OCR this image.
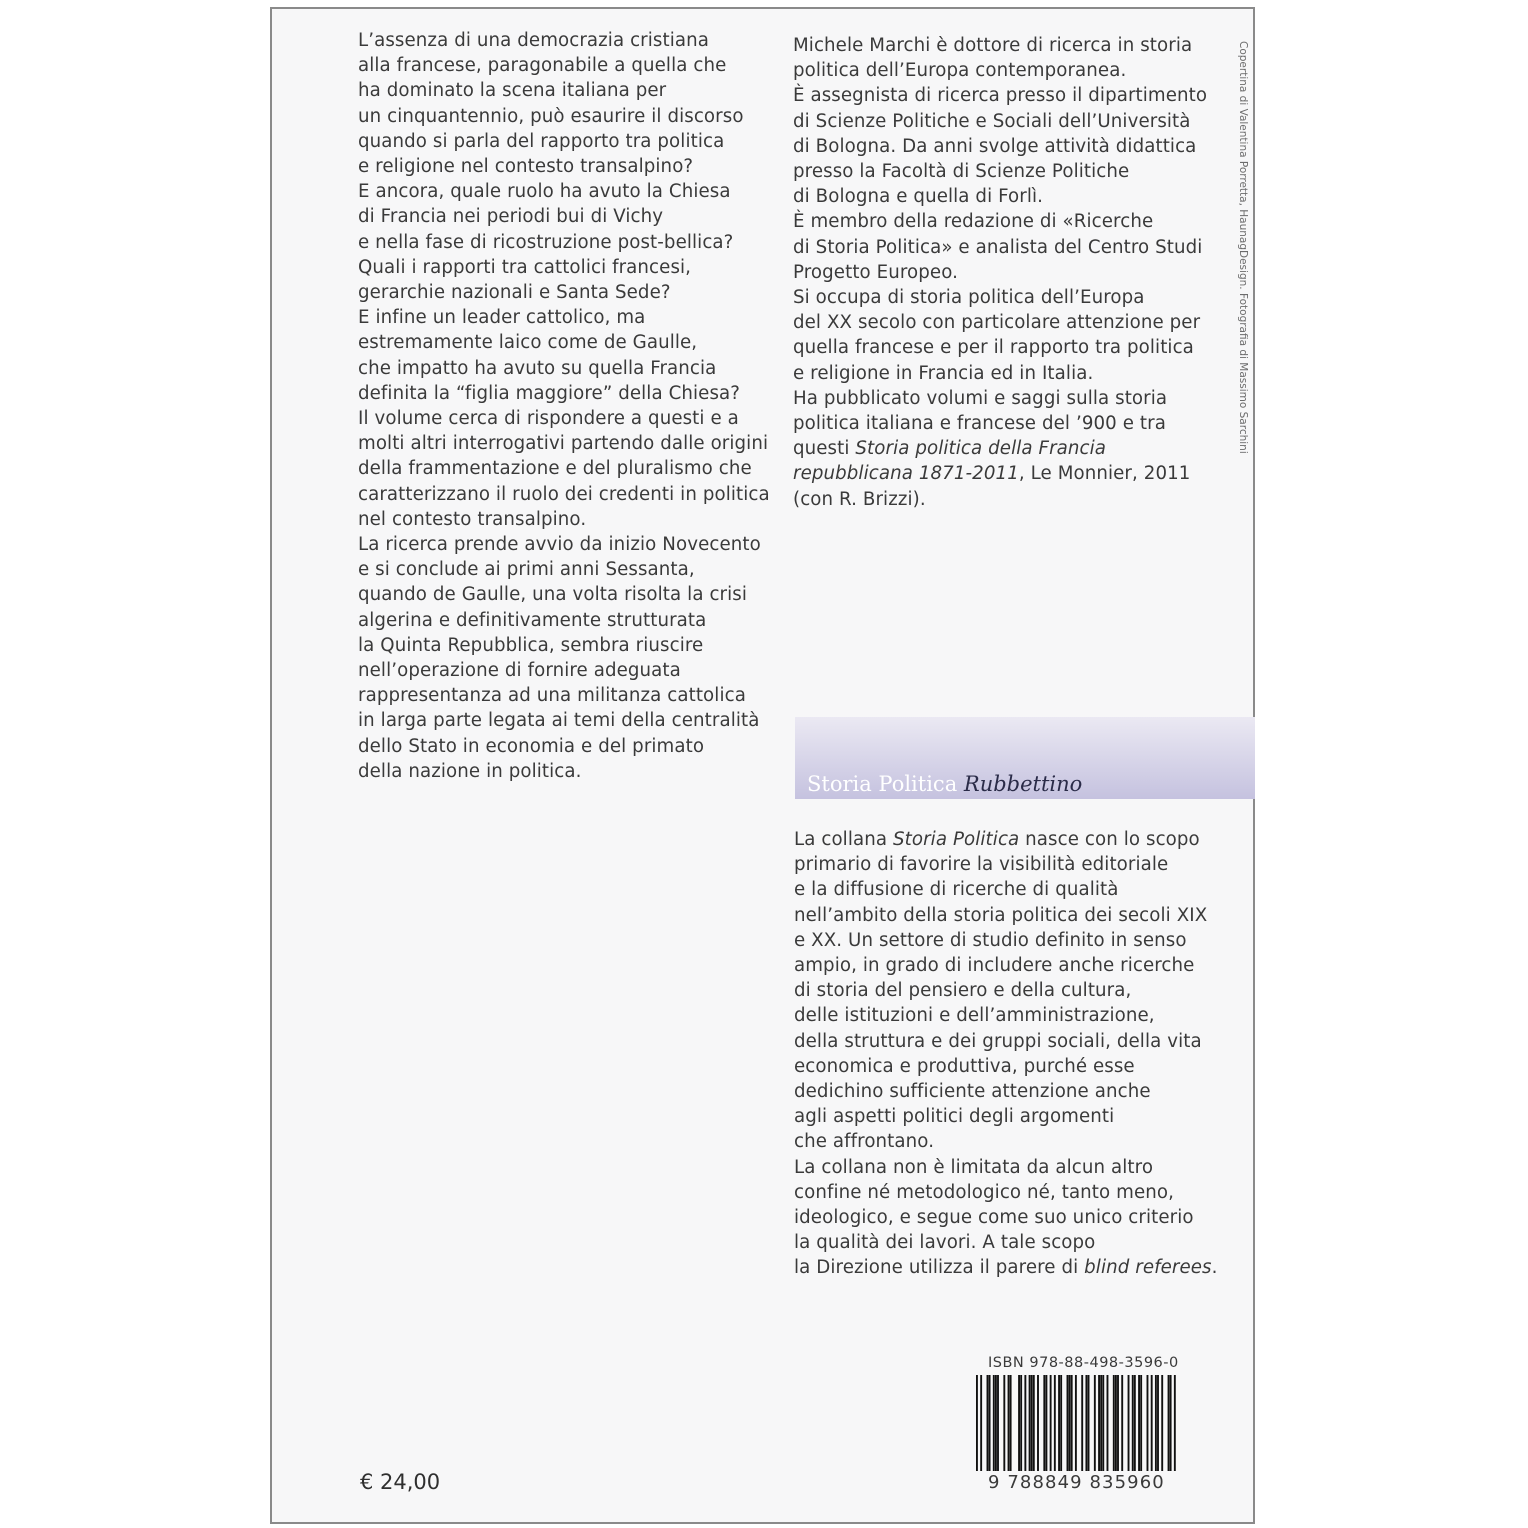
L’assenza di una democrazia cristiana
alla francese, paragonabile a quella che
ha dominato la scena italiana per
un cinquantennio, può esaurire il discorso
quando si parla del rapporto tra politica
e religione nel contesto transalpino?
E ancora, quale ruolo ha avuto la Chiesa
di Francia nei periodi bui di Vichy
e nella fase di ricostruzione post-bellica?
Quali i rapporti tra cattolici francesi,
gerarchie nazionali e Santa Sede?
E infine un leader cattolico, ma
estremamente laico come de Gaulle,
che impatto ha avuto su quella Francia
definita la “figlia maggiore” della Chiesa?
Il volume cerca di rispondere a questi e a
molti altri interrogativi partendo dalle origini
della frammentazione e del pluralismo che
caratterizzano il ruolo dei credenti in politica
nel contesto transalpino.
La ricerca prende avvio da inizio Novecento
e si conclude ai primi anni Sessanta,
quando de Gaulle, una volta risolta la crisi
algerina e definitivamente strutturata
la Quinta Repubblica, sembra riuscire
nell’operazione di fornire adeguata
rappresentanza ad una militanza cattolica
in larga parte legata ai temi della centralità
dello Stato in economia e del primato
della nazione in politica.
Michele Marchi è dottore di ricerca in storia
politica dell’Europa contemporanea.
È assegnista di ricerca presso il dipartimento
di Scienze Politiche e Sociali dell’Università
di Bologna. Da anni svolge attività didattica
presso la Facoltà di Scienze Politiche
di Bologna e quella di Forlì.
È membro della redazione di «Ricerche
di Storia Politica» e analista del Centro Studi
Progetto Europeo.
Si occupa di storia politica dell’Europa
del XX secolo con particolare attenzione per
quella francese e per il rapporto tra politica
e religione in Francia ed in Italia.
Ha pubblicato volumi e saggi sulla storia
politica italiana e francese del ’900 e tra
questi Storia politica della Francia
repubblicana 1871-2011, Le Monnier, 2011
(con R. Brizzi).
Copertina di Valentina Porretta, HaunagDesign. Fotografia di Massimo Sarchini
Storia Politica Rubbettino
La collana Storia Politica nasce con lo scopo
primario di favorire la visibilità editoriale
e la diffusione di ricerche di qualità
nell’ambito della storia politica dei secoli XIX
e XX. Un settore di studio definito in senso
ampio, in grado di includere anche ricerche
di storia del pensiero e della cultura,
delle istituzioni e dell’amministrazione,
della struttura e dei gruppi sociali, della vita
economica e produttiva, purché esse
dedichino sufficiente attenzione anche
agli aspetti politici degli argomenti
che affrontano.
La collana non è limitata da alcun altro
confine né metodologico né, tanto meno,
ideologico, e segue come suo unico criterio
la qualità dei lavori. A tale scopo
la Direzione utilizza il parere di blind referees.
ISBN 978-88-498-3596-0
9 788849 835960
€ 24,00
